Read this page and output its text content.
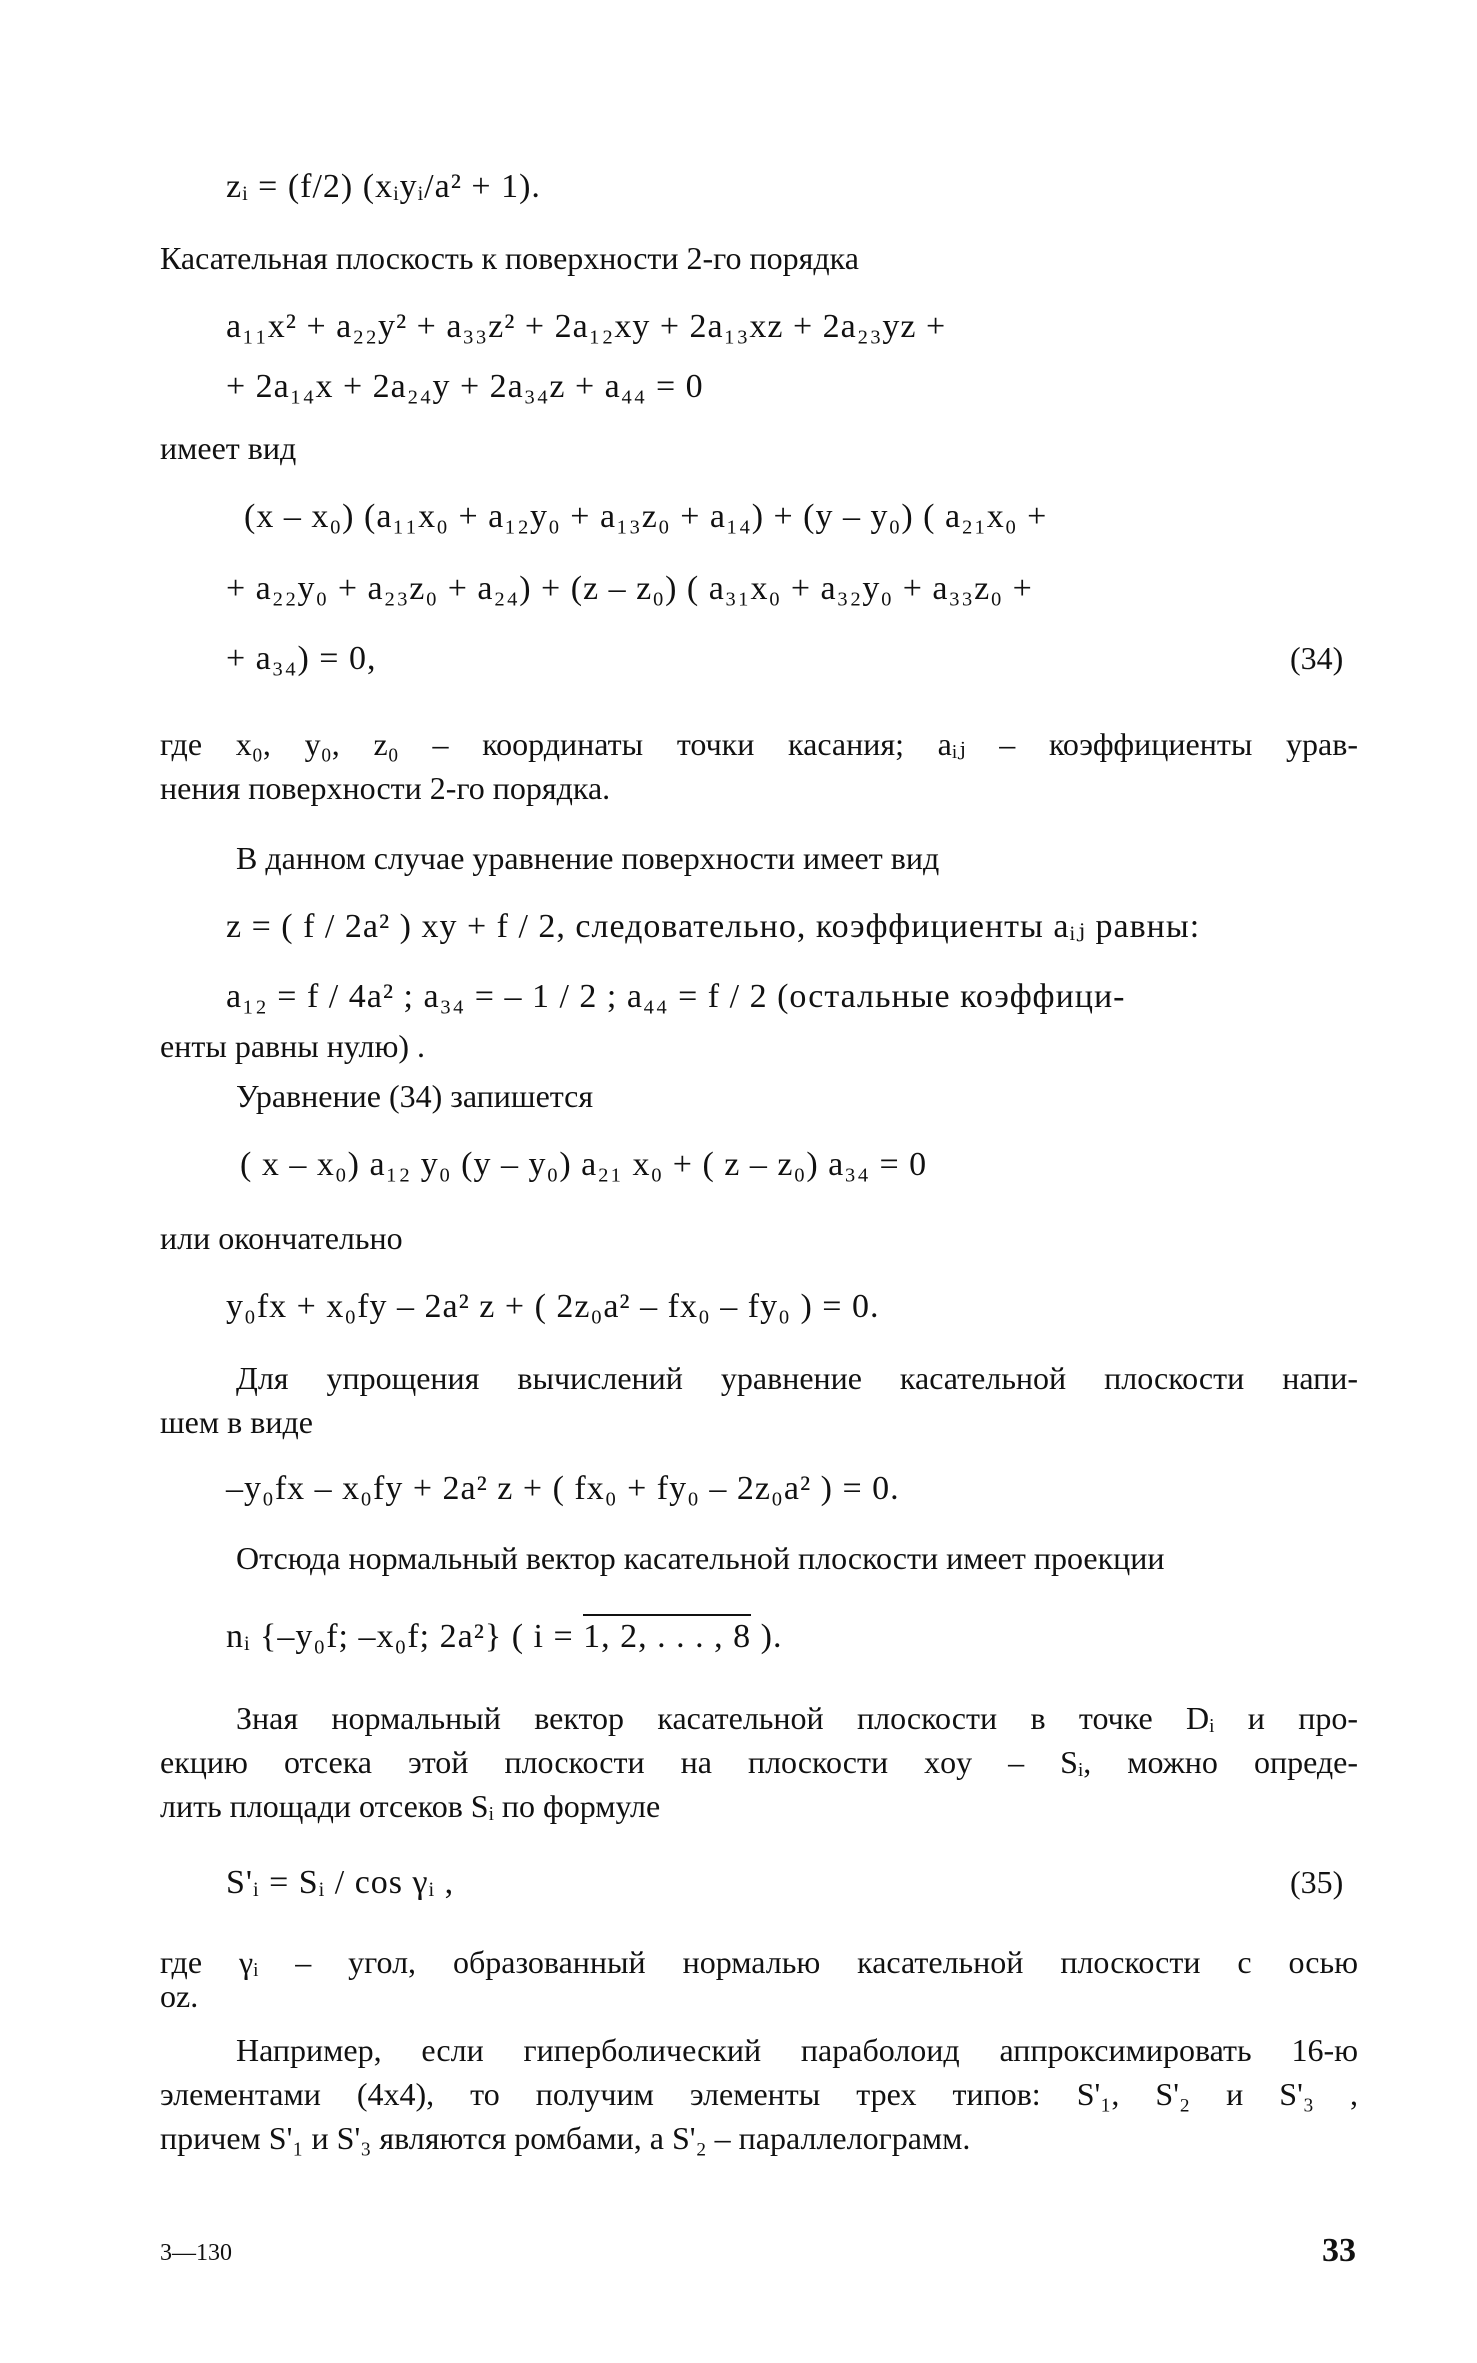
zᵢ = (f/2) (xᵢyᵢ/a² + 1).
Касательная плоскость к поверхности 2-го порядка
a₁₁x² + a₂₂y² + a₃₃z² + 2a₁₂xy + 2a₁₃xz + 2a₂₃yz +
+ 2a₁₄x + 2a₂₄y + 2a₃₄z + a₄₄ = 0
имеет вид
(x – x₀) (a₁₁x₀ + a₁₂y₀ + a₁₃z₀ + a₁₄) + (y – y₀) ( a₂₁x₀ +
+ a₂₂y₀ + a₂₃z₀ + a₂₄) + (z – z₀) ( a₃₁x₀ + a₃₂y₀ + a₃₃z₀ +
+ a₃₄) = 0,	(34)
где x₀, y₀, z₀ – координаты точки касания; aᵢⱼ – коэффициенты урав-
нения поверхности 2-го порядка.
В данном случае уравнение поверхности имеет вид
z = ( f / 2a² ) xy + f / 2, следовательно, коэффициенты aᵢⱼ равны:
a₁₂ = f / 4a² ; a₃₄ = – 1 / 2 ; a₄₄ = f / 2 (остальные коэффици-
енты равны нулю) .
Уравнение (34) запишется
( x – x₀) a₁₂ y₀ (y – y₀) a₂₁ x₀ + ( z – z₀) a₃₄ = 0
или окончательно
y₀fx + x₀fy – 2a² z + ( 2z₀a² – fx₀ – fy₀ ) = 0.
Для упрощения вычислений уравнение касательной плоскости напи-
шем в виде
–y₀fx – x₀fy + 2a² z + ( fx₀ + fy₀ – 2z₀a² ) = 0.
Отсюда нормальный вектор касательной плоскости имеет проекции
nᵢ {–y₀f; –x₀f; 2a²} ( i = 1, 2, . . . , 8 ).
Зная нормальный вектор касательной плоскости в точке Dᵢ и про-
екцию отсека этой плоскости на плоскости xoy – Sᵢ, можно опреде-
лить площади отсеков Sᵢ по формуле
S'ᵢ = Sᵢ / cos γᵢ ,	(35)
где γᵢ – угол, образованный нормалью касательной плоскости с осью
oz.
Например, если гиперболический параболоид аппроксимировать 16-ю
элементами (4x4), то получим элементы трех типов: S'₁, S'₂ и S'₃ ,
причем S'₁ и S'₃ являются ромбами, а S'₂ – параллелограмм.
3—130	33
